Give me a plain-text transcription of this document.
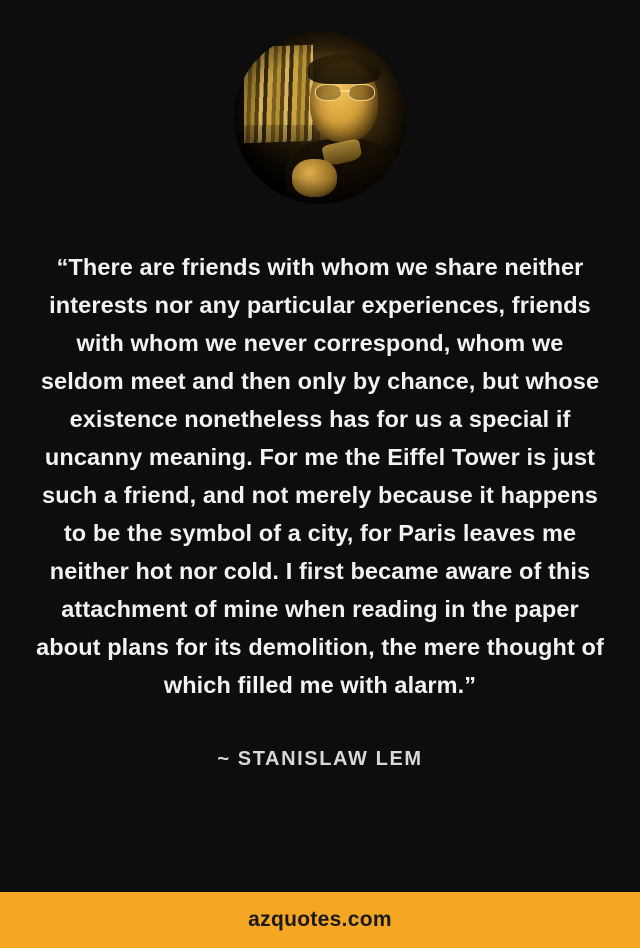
“There are friends with whom we share neither interests nor any particular experiences, friends with whom we never correspond, whom we seldom meet and then only by chance, but whose existence nonetheless has for us a special if uncanny meaning. For me the Eiffel Tower is just such a friend, and not merely because it happens to be the symbol of a city, for Paris leaves me neither hot nor cold. I first became aware of this attachment of mine when reading in the paper about plans for its demolition, the mere thought of which filled me with alarm.”
~ STANISLAW LEM
azquotes.com
